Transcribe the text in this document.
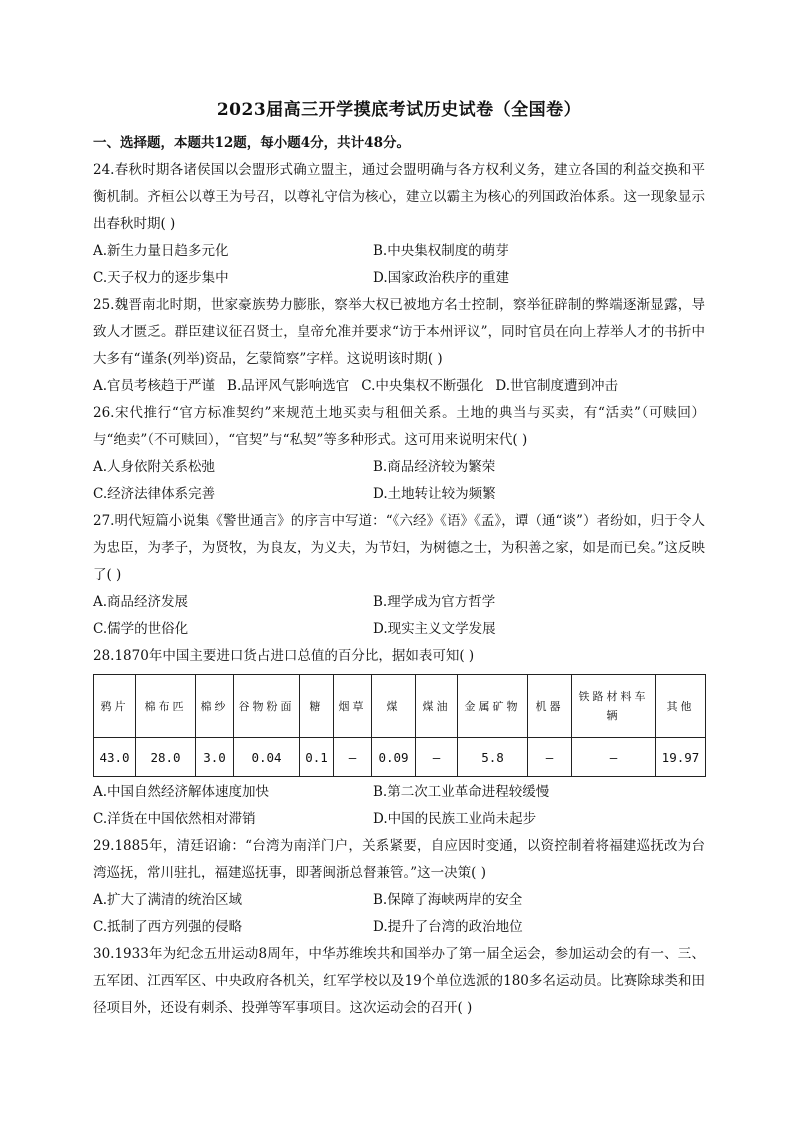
2023届高三开学摸底考试历史试卷（全国卷）
一、选择题，本题共12题，每小题4分，共计48分。
24.春秋时期各诸侯国以会盟形式确立盟主，通过会盟明确与各方权利义务，建立各国的利益交换和平衡机制。齐桓公以尊王为号召，以尊礼守信为核心，建立以霸主为核心的列国政治体系。这一现象显示出春秋时期( )
A.新生力量日趋多元化	B.中央集权制度的萌芽
C.天子权力的逐步集中	D.国家政治秩序的重建
25.魏晋南北时期，世家豪族势力膨胀，察举大权已被地方名士控制，察举征辟制的弊端逐渐显露，导致人才匮乏。群臣建议征召贤士，皇帝允准并要求“访于本州评议”，同时官员在向上荐举人才的书折中大多有“谨条(列举)资品，乞蒙简察”字样。这说明该时期( )
A.官员考核趋于严谨 B.品评风气影响选官 C.中央集权不断强化 D.世官制度遭到冲击
26.宋代推行“官方标准契约”来规范土地买卖与租佃关系。土地的典当与买卖，有“活卖”（可赎回）与“绝卖”（不可赎回），“官契”与“私契”等多种形式。这可用来说明宋代( )
A.人身依附关系松弛	B.商品经济较为繁荣
C.经济法律体系完善	D.土地转让较为频繁
27.明代短篇小说集《警世通言》的序言中写道：“《六经》《语》《孟》，谭（通“谈”）者纷如，归于令人为忠臣，为孝子，为贤牧，为良友，为义夫，为节妇，为树德之士，为积善之家，如是而已矣。”这反映了( )
A.商品经济发展	B.理学成为官方哲学
C.儒学的世俗化	D.现实主义文学发展
28.1870年中国主要进口货占进口总值的百分比，据如表可知( )
鸦片	棉布匹	棉纱	谷物粉面	糖	烟草	煤	煤油	金属矿物	机器	铁路材料车辆	其他
43.0	28.0	3.0	0.04	0.1	—	0.09	—	5.8	—	—	19.97
A.中国自然经济解体速度加快	B.第二次工业革命进程较缓慢
C.洋货在中国依然相对滞销	D.中国的民族工业尚未起步
29.1885年，清廷诏谕：“台湾为南洋门户，关系紧要，自应因时变通，以资控制着将福建巡抚改为台湾巡抚，常川驻扎，福建巡抚事，即著闽浙总督兼管。”这一决策( )
A.扩大了满清的统治区域	B.保障了海峡两岸的安全
C.抵制了西方列强的侵略	D.提升了台湾的政治地位
30.1933年为纪念五卅运动8周年，中华苏维埃共和国举办了第一届全运会，参加运动会的有一、三、五军团、江西军区、中央政府各机关，红军学校以及19个单位选派的180多名运动员。比赛除球类和田径项目外，还设有刺杀、投弹等军事项目。这次运动会的召开( )
